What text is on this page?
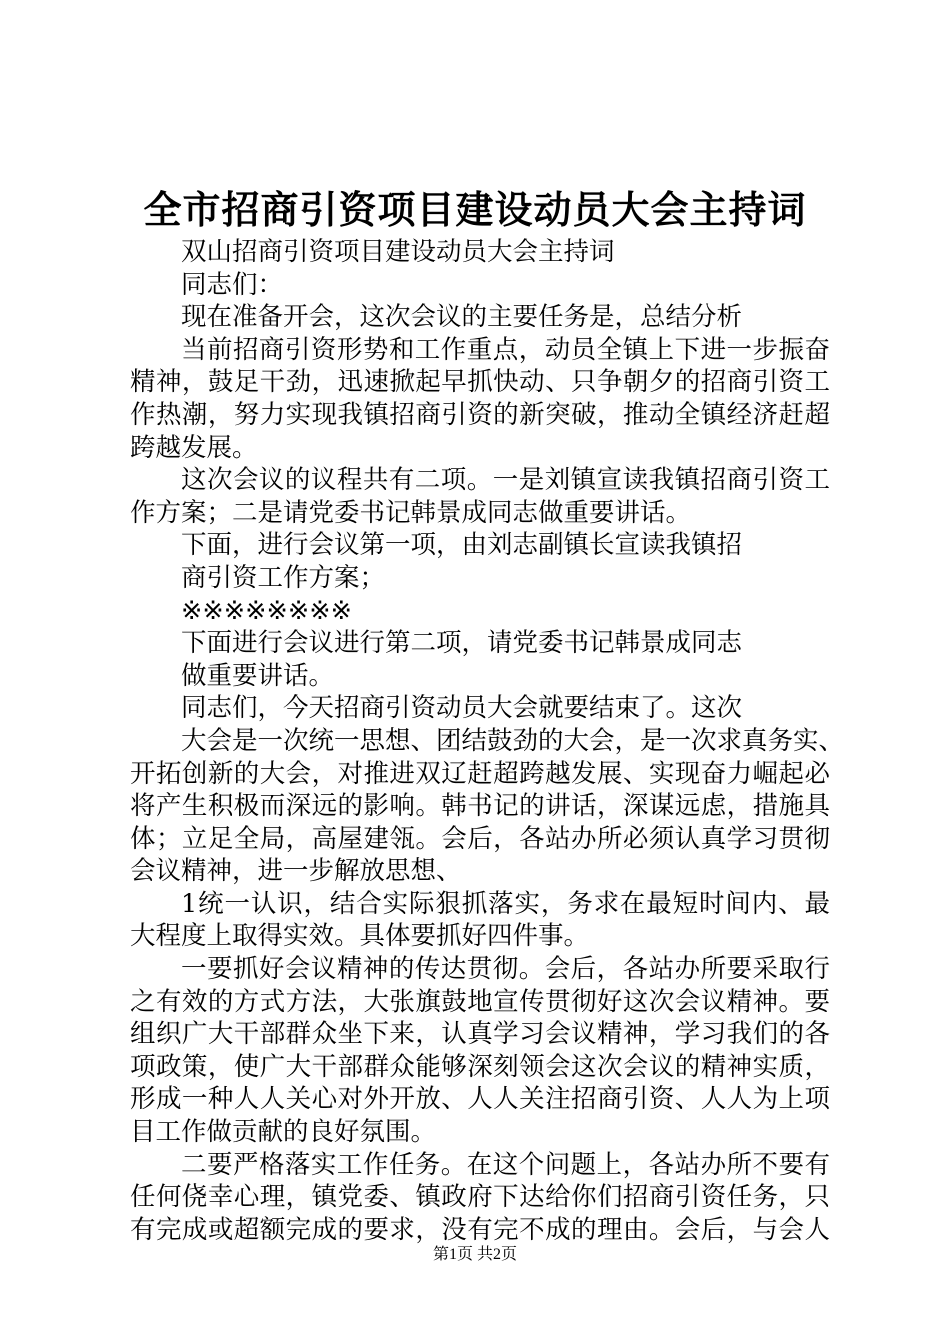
全市招商引资项目建设动员大会主持词
双山招商引资项目建设动员大会主持词
同志们：
现在准备开会，这次会议的主要任务是，总结分析
当前招商引资形势和工作重点，动员全镇上下进一步振奋
精神，鼓足干劲，迅速掀起早抓快动、只争朝夕的招商引资工
作热潮，努力实现我镇招商引资的新突破，推动全镇经济赶超
跨越发展。
这次会议的议程共有二项。一是刘镇宣读我镇招商引资工
作方案；二是请党委书记韩景成同志做重要讲话。
下面，进行会议第一项，由刘志副镇长宣读我镇招
商引资工作方案；
※※※※※※※※
下面进行会议进行第二项，请党委书记韩景成同志
做重要讲话。
同志们，今天招商引资动员大会就要结束了。这次
大会是一次统一思想、团结鼓劲的大会，是一次求真务实、
开拓创新的大会，对推进双辽赶超跨越发展、实现奋力崛起必
将产生积极而深远的影响。韩书记的讲话，深谋远虑，措施具
体；立足全局，高屋建瓴。会后，各站办所必须认真学习贯彻
会议精神，进一步解放思想、
1统一认识，结合实际狠抓落实，务求在最短时间内、最
大程度上取得实效。具体要抓好四件事。
一要抓好会议精神的传达贯彻。会后，各站办所要采取行
之有效的方式方法，大张旗鼓地宣传贯彻好这次会议精神。要
组织广大干部群众坐下来，认真学习会议精神，学习我们的各
项政策，使广大干部群众能够深刻领会这次会议的精神实质，
形成一种人人关心对外开放、人人关注招商引资、人人为上项
目工作做贡献的良好氛围。
二要严格落实工作任务。在这个问题上，各站办所不要有
任何侥幸心理，镇党委、镇政府下达给你们招商引资任务，只
有完成或超额完成的要求，没有完不成的理由。会后，与会人
第1页 共2页
